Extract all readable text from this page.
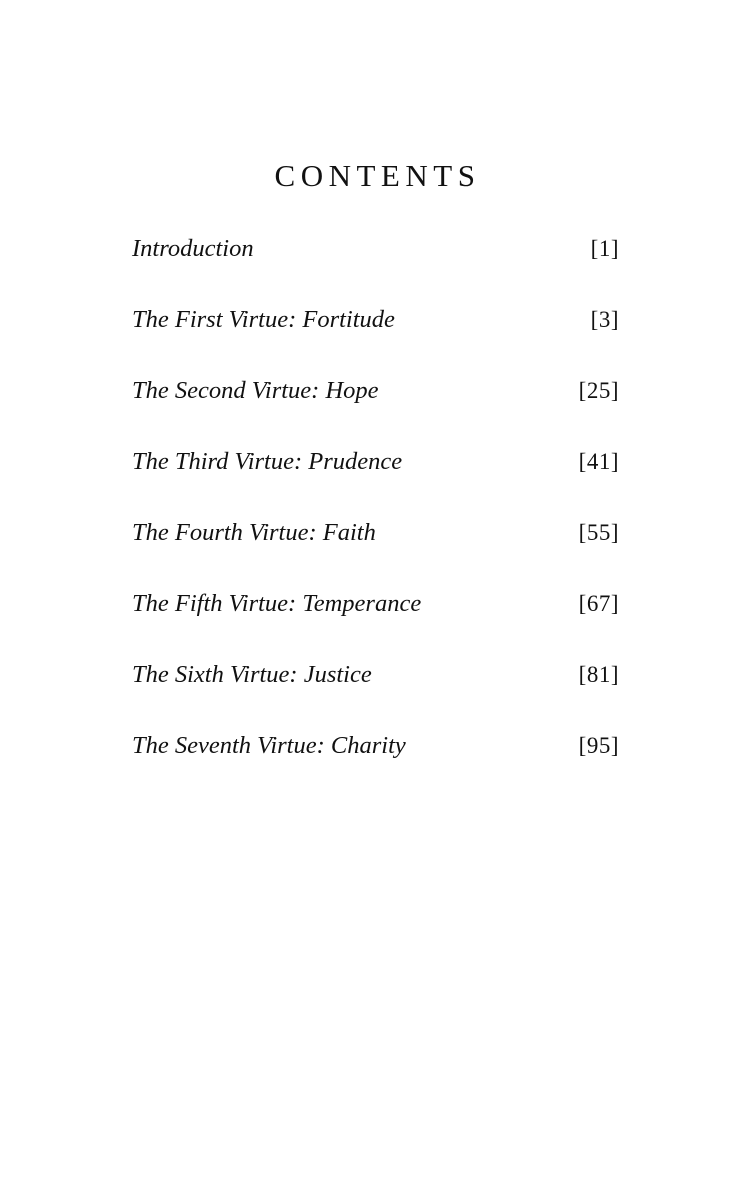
CONTENTS
Introduction	[1]
The First Virtue: Fortitude	[3]
The Second Virtue: Hope	[25]
The Third Virtue: Prudence	[41]
The Fourth Virtue: Faith	[55]
The Fifth Virtue: Temperance	[67]
The Sixth Virtue: Justice	[81]
The Seventh Virtue: Charity	[95]
